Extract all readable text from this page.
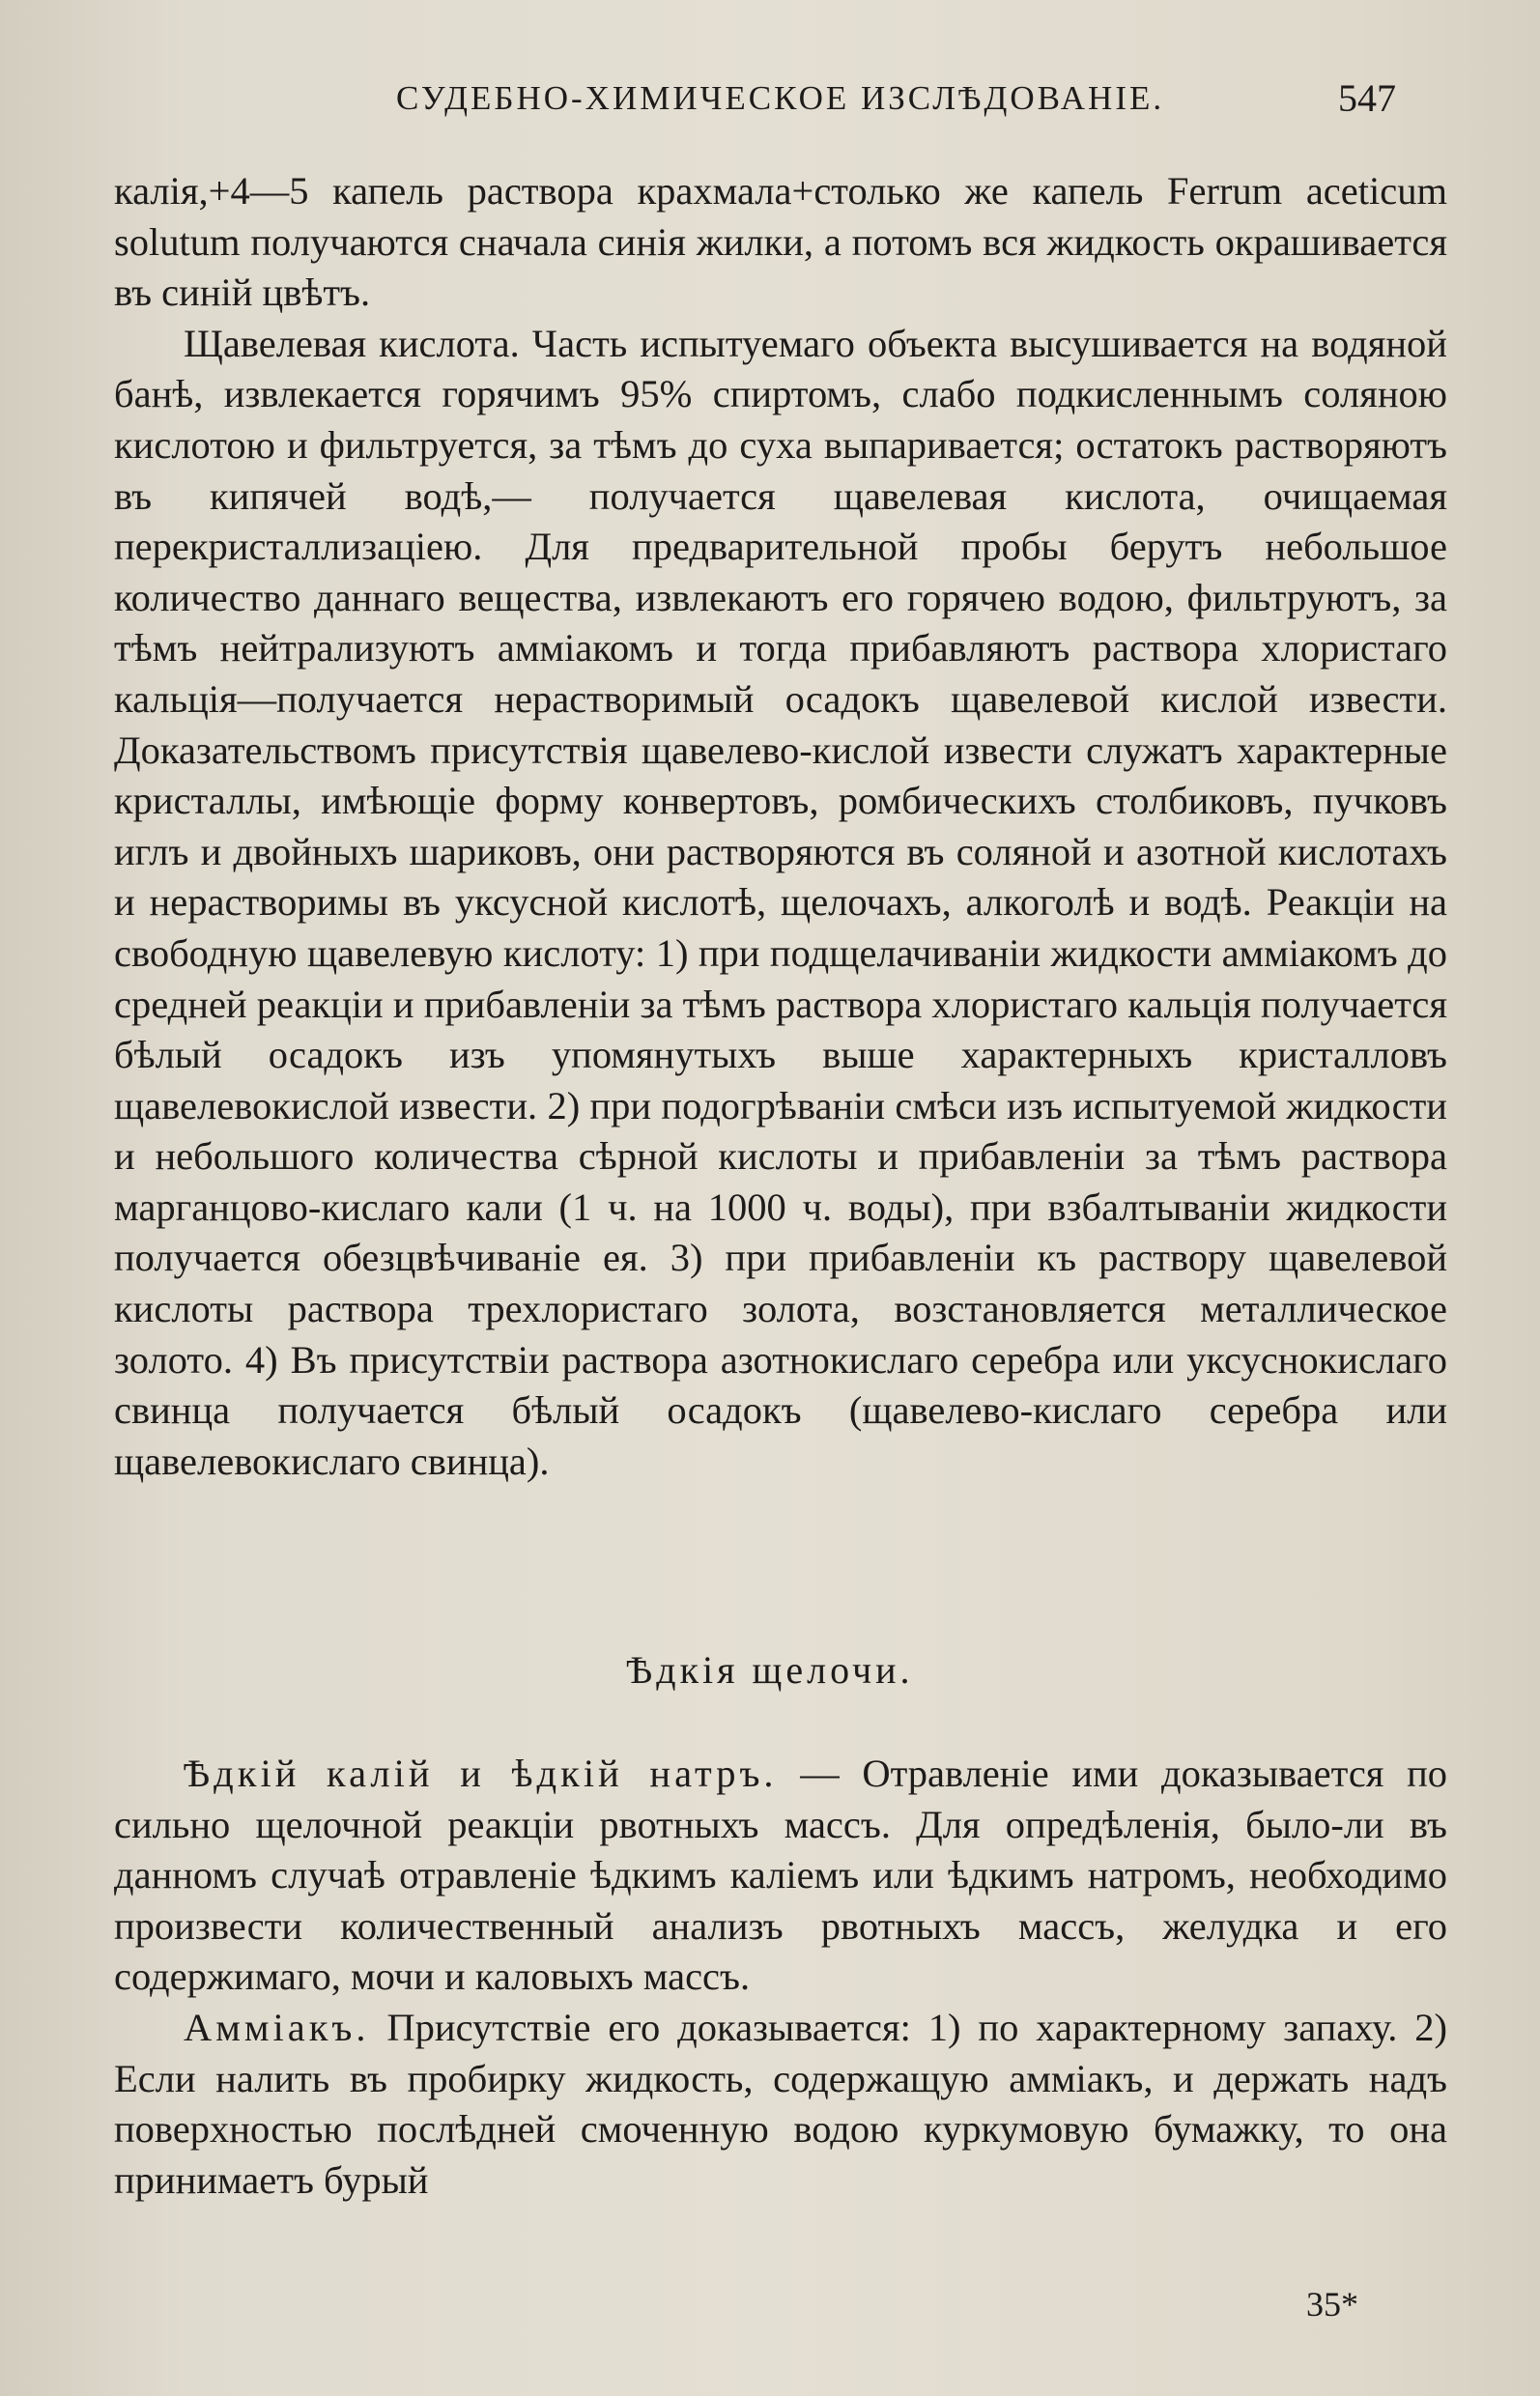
СУДЕБНО-ХИМИЧЕСКОЕ ИЗСЛѢДОВАНІЕ.	547

калія,+4—5 капель раствора крахмала+столько же капель Ferrum aceticum solutum получаются сначала синія жилки, а потомъ вся жидкость окрашивается въ синій цвѣтъ.

Щавелевая кислота. Часть испытуемаго объекта высушивается на водяной банѣ, извлекается горячимъ 95% спиртомъ, слабо подкисленнымъ соляною кислотою и фильтруется, за тѣмъ до суха выпаривается; остатокъ растворяютъ въ кипячей водѣ,— получается щавелевая кислота, очищаемая перекристаллизаціею. Для предварительной пробы берутъ небольшое количество даннаго вещества, извлекаютъ его горячею водою, фильтруютъ, за тѣмъ нейтрализуютъ амміакомъ и тогда прибавляютъ раствора хлористаго кальція—получается нерастворимый осадокъ щавелевой кислой извести. Доказательствомъ присутствія щавелево-кислой извести служатъ характерные кристаллы, имѣющіе форму конвертовъ, ромбическихъ столбиковъ, пучковъ иглъ и двойныхъ шариковъ, они растворяются въ соляной и азотной кислотахъ и нерастворимы въ уксусной кислотѣ, щелочахъ, алкоголѣ и водѣ. Реакціи на свободную щавелевую кислоту: 1) при подщелачиваніи жидкости амміакомъ до средней реакціи и прибавленіи за тѣмъ раствора хлористаго кальція получается бѣлый осадокъ изъ упомянутыхъ выше характерныхъ кристалловъ щавелевокислой извести. 2) при подогрѣваніи смѣси изъ испытуемой жидкости и небольшого количества сѣрной кислоты и прибавленіи за тѣмъ раствора марганцово-кислаго кали (1 ч. на 1000 ч. воды), при взбалтываніи жидкости получается обезцвѣчиваніе ея. 3) при прибавленіи къ раствору щавелевой кислоты раствора трехлористаго золота, возстановляется металлическое золото. 4) Въ присутствіи раствора азотнокислаго серебра или уксуснокислаго свинца получается бѣлый осадокъ (щавелево-кислаго серебра или щавелевокислаго свинца).

Ѣдкія щелочи.

Ѣдкій калій и ѣдкій натръ. — Отравленіе ими доказывается по сильно щелочной реакціи рвотныхъ массъ. Для опредѣленія, было-ли въ данномъ случаѣ отравленіе ѣдкимъ каліемъ или ѣдкимъ натромъ, необходимо произвести количественный анализъ рвотныхъ массъ, желудка и его содержимаго, мочи и каловыхъ массъ.

Амміакъ. Присутствіе его доказывается: 1) по характерному запаху. 2) Если налить въ пробирку жидкость, содержащую амміакъ, и держать надъ поверхностью послѣдней смоченную водою куркумовую бумажку, то она принимаетъ бурый

35*
